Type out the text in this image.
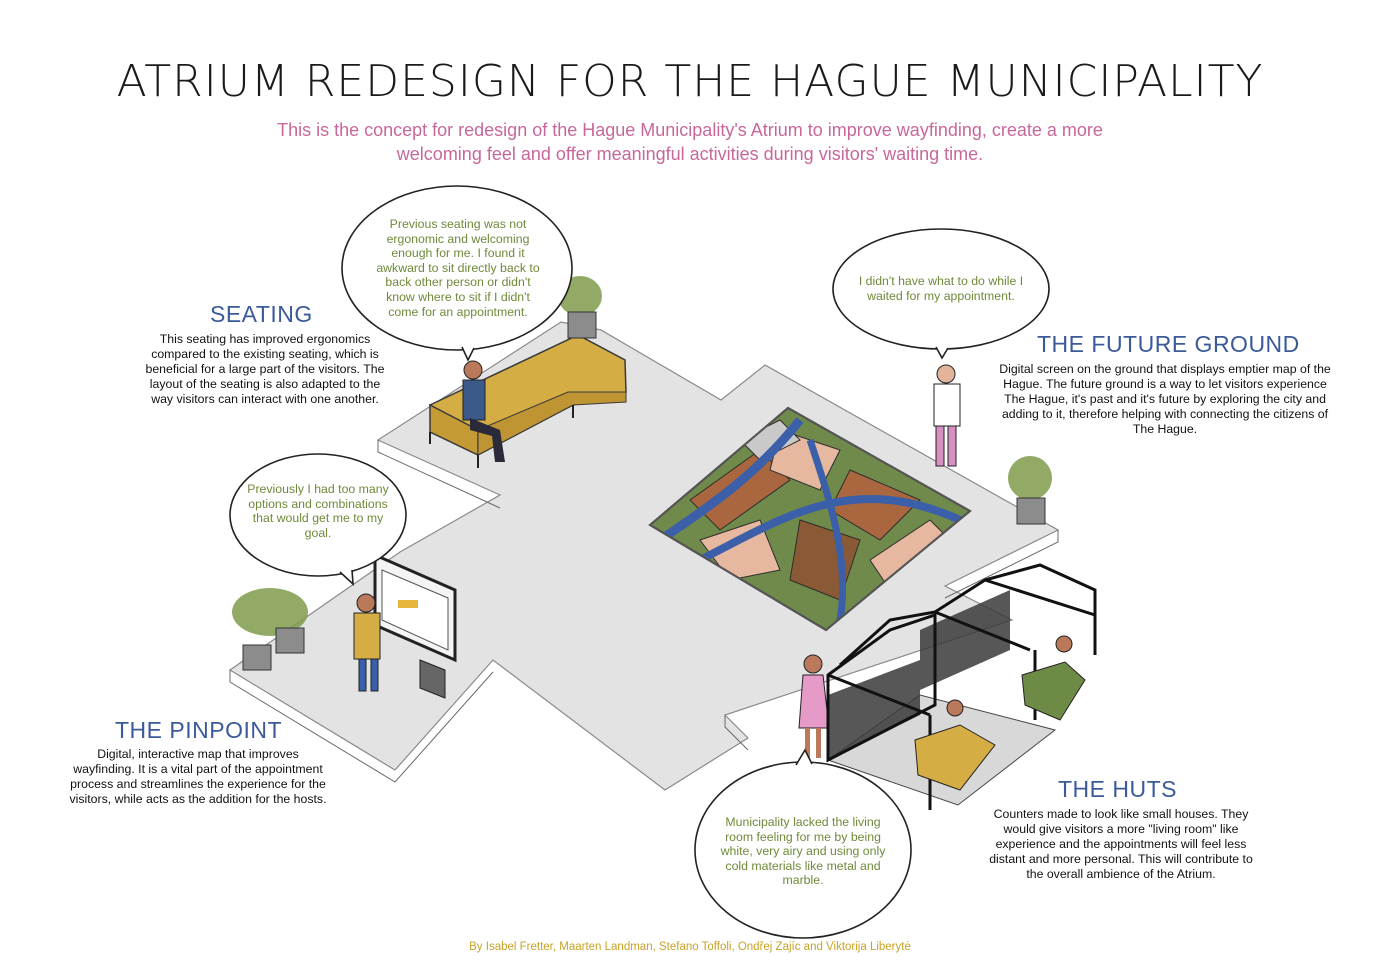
ATRIUM REDESIGN FOR THE HAGUE MUNICIPALITY
This is the concept for redesign of the Hague Municipality's Atrium to improve wayfinding, create a more welcoming feel and offer meaningful activities during visitors' waiting time.
SEATING
This seating has improved ergonomics compared to the existing seating, which is beneficial for a large part of the visitors. The layout of the seating is also adapted to the way visitors can interact with one another.
Previous seating was not ergonomic and welcoming enough for me. I found it awkward to sit directly back to back other person or didn't know where to sit if I didn't come for an appointment.
THE FUTURE GROUND
Digital screen on the ground that displays emptier map of the Hague. The future ground is a way to let visitors experience The Hague, it's past and it's future by exploring the city and adding to it, therefore helping with connecting the citizens of The Hague.
I didn't have what to do while I waited for my appointment.
THE PINPOINT
Digital, interactive map that improves wayfinding. It is a vital part of the appointment process and streamlines the experience for the visitors, while acts as the addition for the hosts.
Previously I had too many options and combinations that would get me to my goal.
THE HUTS
Counters made to look like small houses. They would give visitors a more "living room" like experience and the appointments will feel less distant and more personal. This will contribute to the overall ambience of the Atrium.
Municipality lacked the living room feeling for me by being white, very airy and using only cold materials like metal and marble.
By Isabel Fretter, Maarten Landman, Stefano Toffoli, Ondřej Zajíc and Viktorija Liberytė
